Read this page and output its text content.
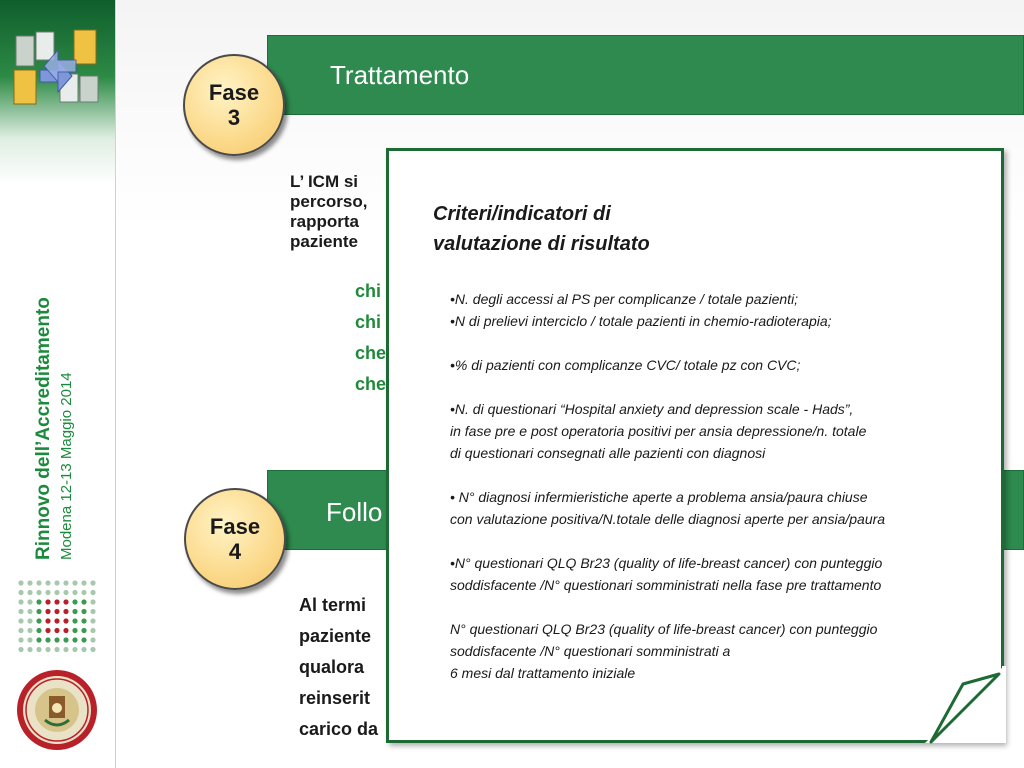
Rinnovo dell’Accreditamento Modena 12-13 Maggio 2014
Trattamento
Follo
Fase
3
Fase
4
L’ ICM si
percorso,
rapporta
paziente
chi
chi
che
che
Al termi
paziente
qualora
reinserit
carico da
Criteri/indicatori di
valutazione di risultato
•N. degli accessi al PS per complicanze / totale pazienti;
•N di prelievi interciclo / totale pazienti in chemio-radioterapia;
•% di pazienti con complicanze CVC/ totale pz con CVC;
•N. di questionari “Hospital anxiety and depression scale - Hads”,
in fase pre e post operatoria positivi per ansia depressione/n. totale
di questionari consegnati alle pazienti con diagnosi
• N° diagnosi infermieristiche aperte a problema ansia/paura chiuse
con valutazione positiva/N.totale delle diagnosi aperte per ansia/paura
•N° questionari QLQ Br23 (quality of life-breast cancer) con punteggio
soddisfacente /N° questionari somministrati nella fase pre trattamento
N° questionari QLQ Br23 (quality of life-breast cancer) con punteggio
soddisfacente /N° questionari somministrati a
6 mesi dal trattamento iniziale
